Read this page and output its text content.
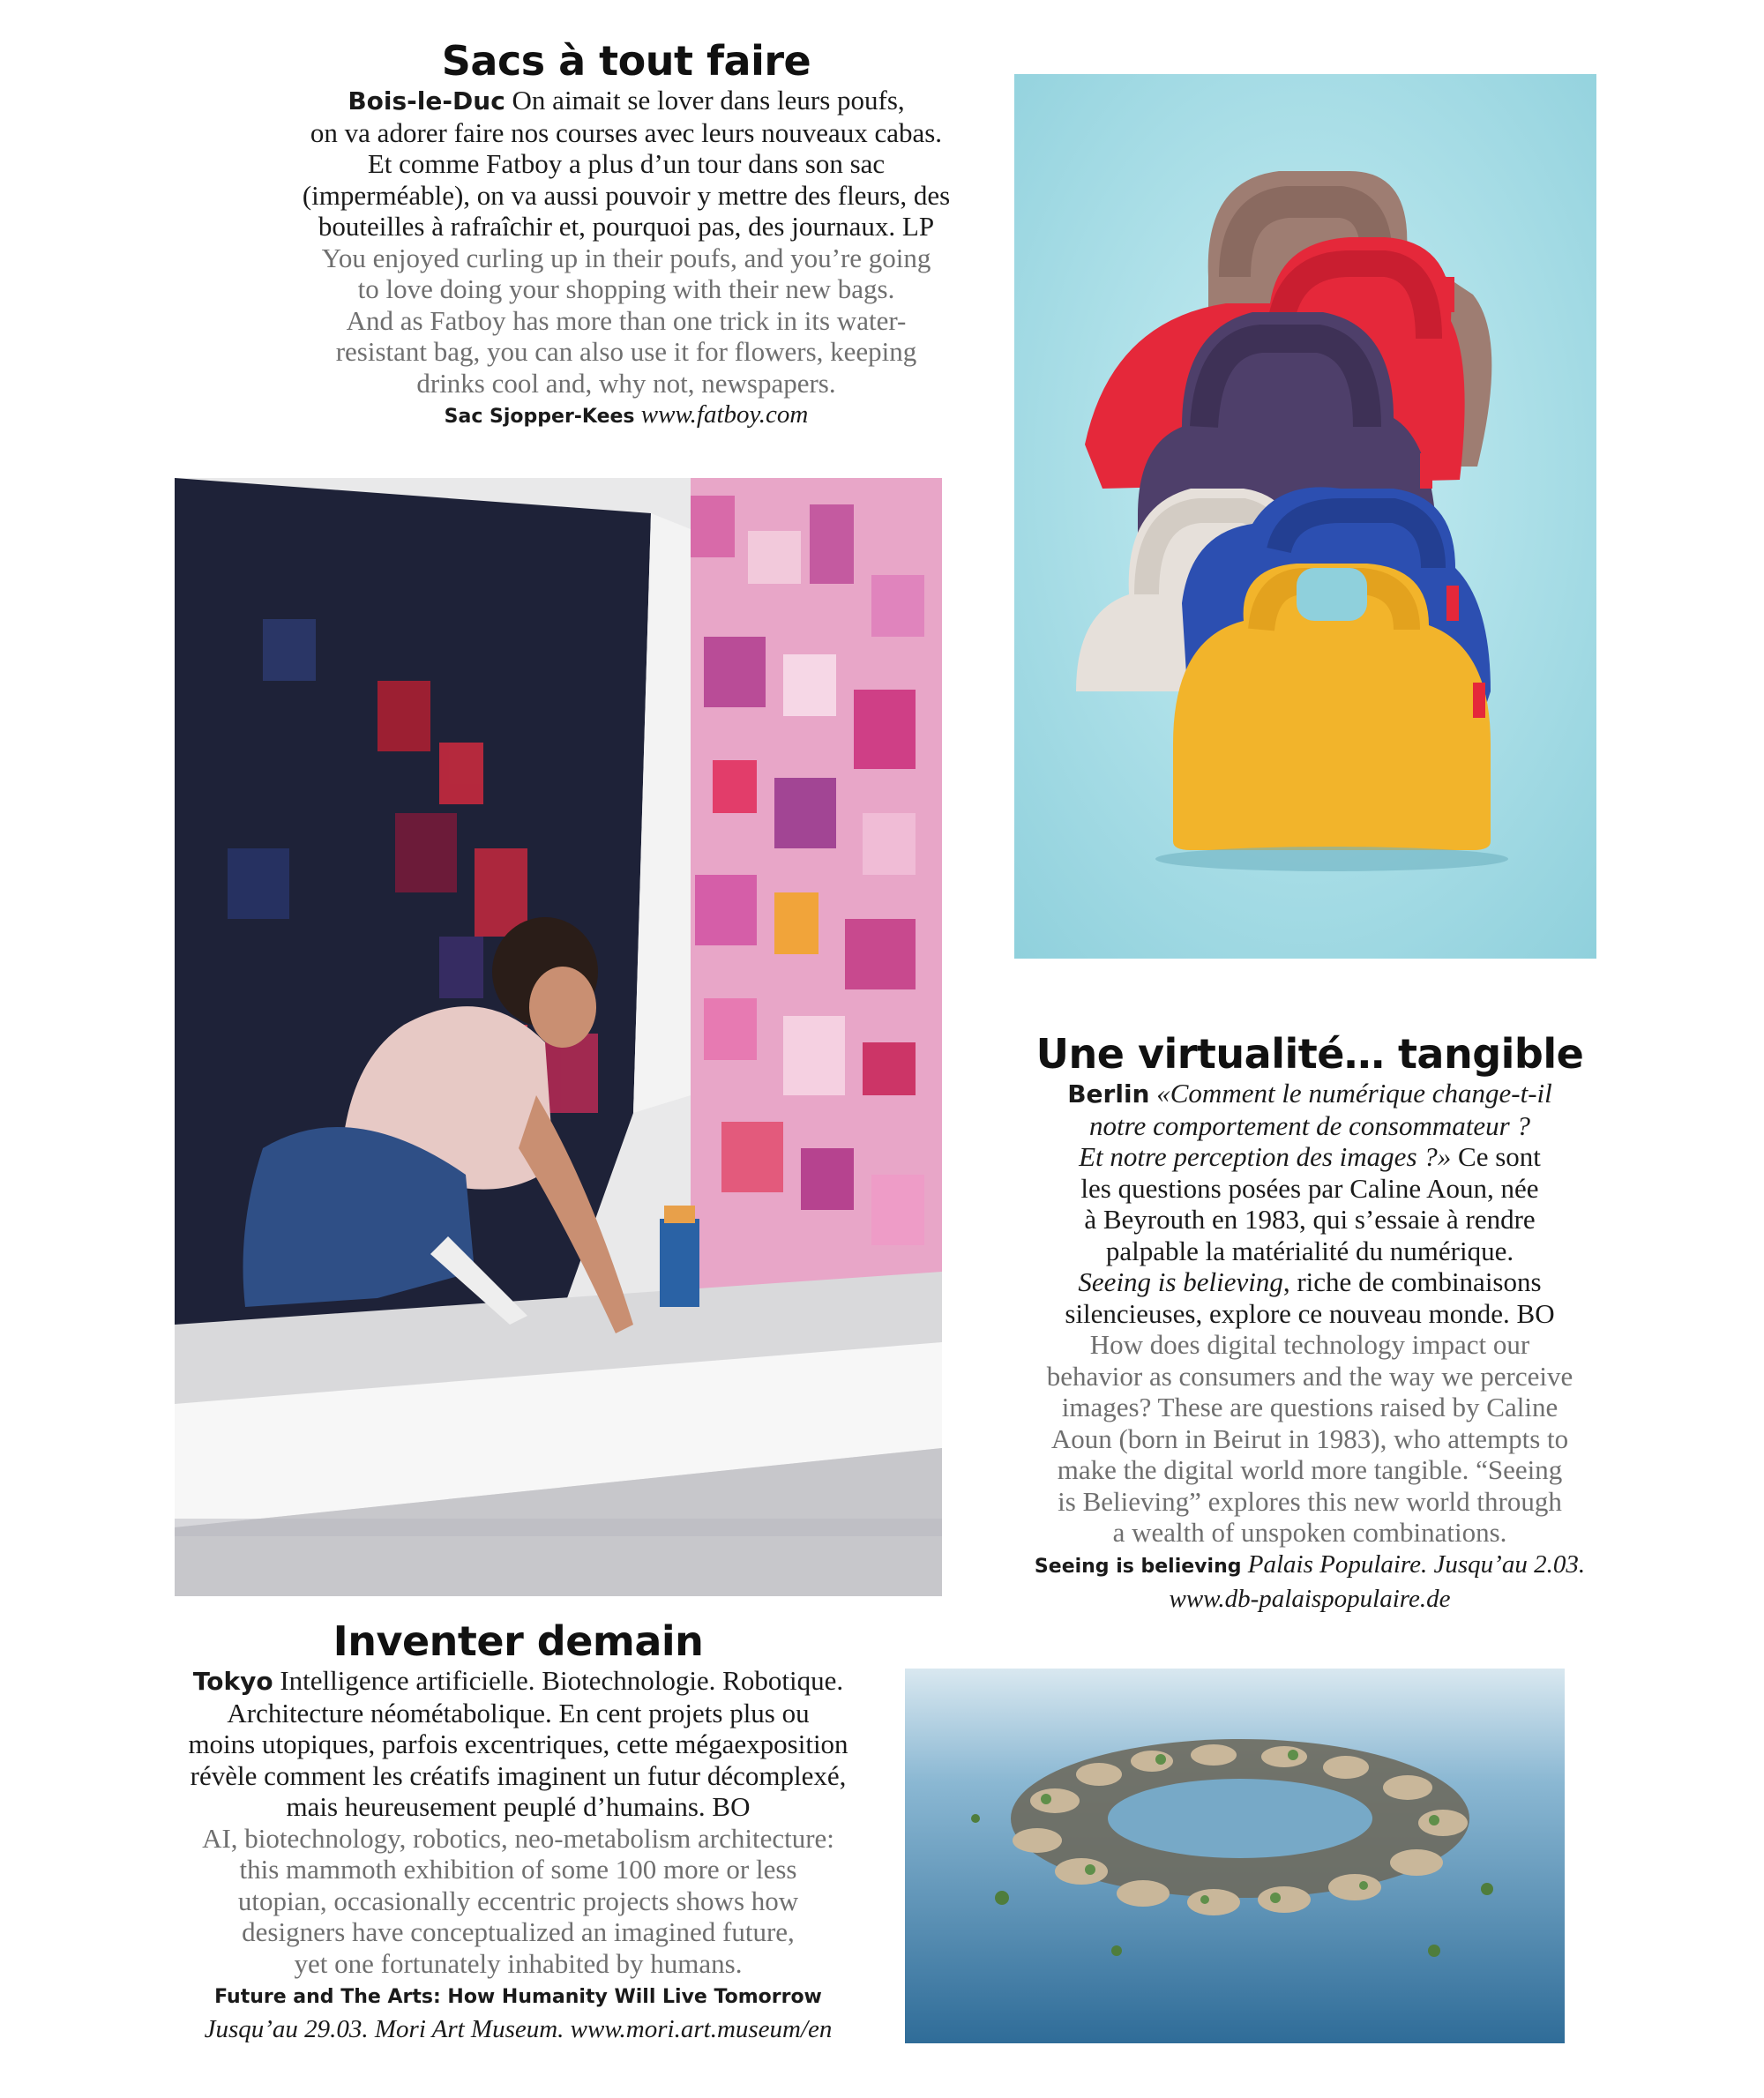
Sacs à tout faire

Bois-le-Duc On aimait se lover dans leurs poufs,
on va adorer faire nos courses avec leurs nouveaux cabas.
Et comme Fatboy a plus d’un tour dans son sac
(imperméable), on va aussi pouvoir y mettre des fleurs, des
bouteilles à rafraîchir et, pourquoi pas, des journaux. LP

You enjoyed curling up in their poufs, and you’re going
to love doing your shopping with their new bags.
And as Fatboy has more than one trick in its water-
resistant bag, you can also use it for flowers, keeping
drinks cool and, why not, newspapers.

Sac Sjopper-Kees www.fatboy.com

Une virtualité… tangible

Berlin «Comment le numérique change-t-il
notre comportement de consommateur ?
Et notre perception des images ?» Ce sont
les questions posées par Caline Aoun, née
à Beyrouth en 1983, qui s’essaie à rendre
palpable la matérialité du numérique.
Seeing is believing, riche de combinaisons
silencieuses, explore ce nouveau monde. BO

How does digital technology impact our
behavior as consumers and the way we perceive
images? These are questions raised by Caline
Aoun (born in Beirut in 1983), who attempts to
make the digital world more tangible. “Seeing
is Believing” explores this new world through
a wealth of unspoken combinations.

Seeing is believing Palais Populaire. Jusqu’au 2.03.
www.db-palaispopulaire.de

Inventer demain

Tokyo Intelligence artificielle. Biotechnologie. Robotique.
Architecture néométabolique. En cent projets plus ou
moins utopiques, parfois excentriques, cette mégaexposition
révèle comment les créatifs imaginent un futur décomplexé,
mais heureusement peuplé d’humains. BO

AI, biotechnology, robotics, neo-metabolism architecture:
this mammoth exhibition of some 100 more or less
utopian, occasionally eccentric projects shows how
designers have conceptualized an imagined future,
yet one fortunately inhabited by humans.

Future and The Arts: How Humanity Will Live Tomorrow
Jusqu’au 29.03. Mori Art Museum. www.mori.art.museum/en
